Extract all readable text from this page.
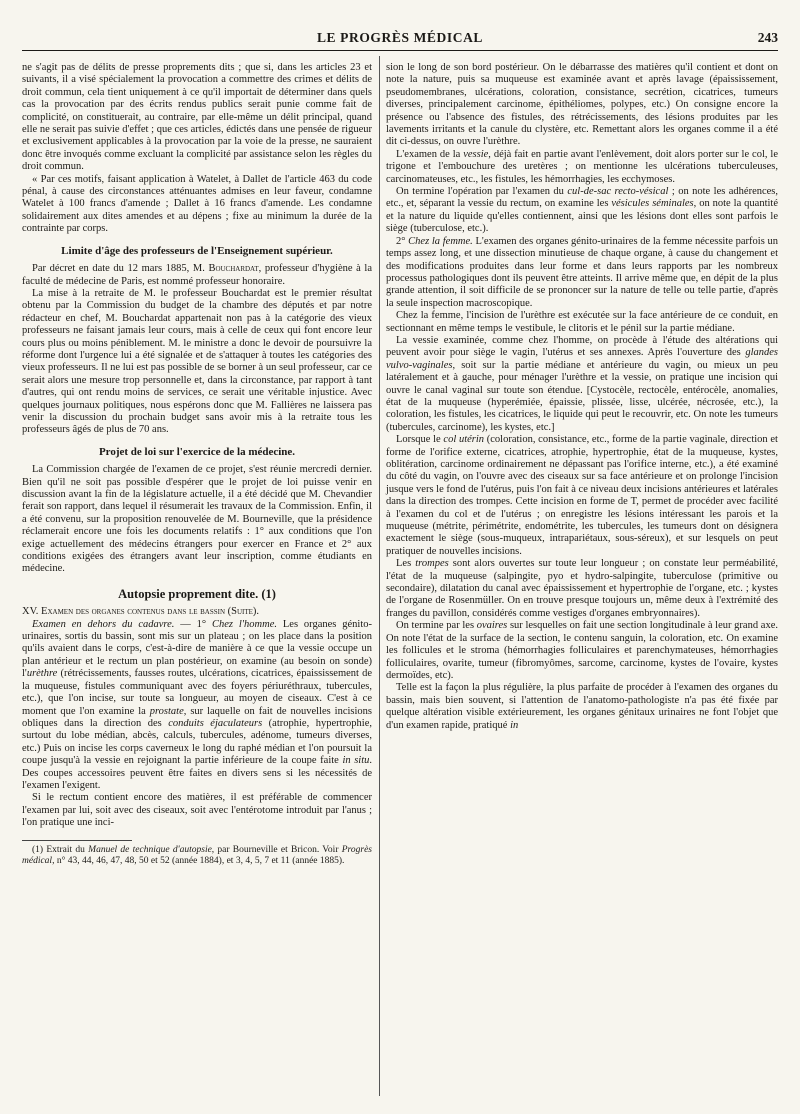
LE PROGRÈS MÉDICAL	243

ne s'agit pas de délits de presse proprements dits ; que si, dans les articles 23 et suivants, il a visé spécialement la provocation a commettre des crimes et délits de droit commun, cela tient uniquement à ce qu'il importait de déterminer dans quels cas la provocation par des écrits rendus publics serait punie comme fait de complicité, on constituerait, au contraire, par elle-même un délit principal, quand elle ne serait pas suivie d'effet ; que ces articles, édictés dans une pensée de rigueur et exclusivement applicables à la provocation par la voie de la presse, ne sauraient donc être invoqués comme excluant la complicité par assistance selon les règles du droit commun.

« Par ces motifs, faisant application à Watelet, à Dallet de l'article 463 du code pénal, à cause des circonstances atténuantes admises en leur faveur, condamne Watelet à 100 francs d'amende ; Dallet à 16 francs d'amende. Les condamne solidairement aux dites amendes et au dépens ; fixe au minimum la durée de la contrainte par corps.

Limite d'âge des professeurs de l'Enseignement supérieur.

Par décret en date du 12 mars 1885, M. Bouchardat, professeur d'hygiène à la faculté de médecine de Paris, est nommé professeur honoraire.

La mise à la retraite de M. le professeur Bouchardat est le premier résultat obtenu par la Commission du budget de la chambre des députés et par notre rédacteur en chef, M. Bouchardat appartenait non pas à la catégorie des vieux professeurs ne faisant jamais leur cours, mais à celle de ceux qui font encore leur cours plus ou moins péniblement. M. le ministre a donc le devoir de poursuivre la réforme dont l'urgence lui a été signalée et de s'attaquer à toutes les catégories des vieux professeurs. Il ne lui est pas possible de se borner à un seul professeur, car ce serait alors une mesure trop personnelle et, dans la circonstance, par rapport à tant d'autres, qui ont rendu moins de services, ce serait une véritable injustice. Avec quelques journaux politiques, nous espérons donc que M. Fallières ne laissera pas venir la discussion du prochain budget sans avoir mis à la retraite tous les professeurs âgés de plus de 70 ans.

Projet de loi sur l'exercice de la médecine.

La Commission chargée de l'examen de ce projet, s'est réunie mercredi dernier. Bien qu'il ne soit pas possible d'espérer que le projet de loi puisse venir en discussion avant la fin de la législature actuelle, il a été décidé que M. Chevandier ferait son rapport, dans lequel il résumerait les travaux de la Commission. Enfin, il a été convenu, sur la proposition renouvelée de M. Bourneville, que la présidence réclamerait encore une fois les documents relatifs : 1° aux conditions que l'on exige actuellement des médecins étrangers pour exercer en France et 2° aux conditions exigées des étrangers avant leur inscription, comme étudiants en médecine.

Autopsie proprement dite. (1)

XV. Examen des organes contenus dans le bassin (Suite).

Examen en dehors du cadavre. — 1° Chez l'homme. Les organes génito-urinaires, sortis du bassin, sont mis sur un plateau ; on les place dans la position qu'ils avaient dans le corps, c'est-à-dire de manière à ce que la vessie occupe un plan antérieur et le rectum un plan postérieur, on examine (au besoin on sonde) l'urèthre (rétrécissements, fausses routes, ulcérations, cicatrices, épaississement de la muqueuse, fistules communiquant avec des foyers périuréthraux, tubercules, etc.), que l'on incise, sur toute sa longueur, au moyen de ciseaux. C'est à ce moment que l'on examine la prostate, sur laquelle on fait de nouvelles incisions obliques dans la direction des conduits éjaculateurs (atrophie, hypertrophie, surtout du lobe médian, abcès, calculs, tubercules, adénome, tumeurs diverses, etc.) Puis on incise les corps caverneux le long du raphé médian et l'on poursuit la coupe jusqu'à la vessie en rejoignant la partie inférieure de la coupe faite in situ. Des coupes accessoires peuvent être faites en divers sens si les nécessités de l'examen l'exigent.

Si le rectum contient encore des matières, il est préférable de commencer l'examen par lui, soit avec des ciseaux, soit avec l'entérotome introduit par l'anus ; l'on pratique une inci-

(1) Extrait du Manuel de technique d'autopsie, par Bourneville et Bricon. Voir Progrès médical, n° 43, 44, 46, 47, 48, 50 et 52 (année 1884), et 3, 4, 5, 7 et 11 (année 1885).

sion le long de son bord postérieur. On le débarrasse des matières qu'il contient et dont on note la nature, puis sa muqueuse est examinée avant et après lavage (épaississement, pseudomembranes, ulcérations, coloration, consistance, secrétion, cicatrices, tumeurs diverses, principalement carcinome, épithéliomes, polypes, etc.) On consigne encore la présence ou l'absence des fistules, des rétrécissements, des lésions produites par les lavements irritants et la canule du clystère, etc. Remettant alors les organes comme il a été dit ci-dessus, on ouvre l'urèthre.

L'examen de la vessie, déjà fait en partie avant l'enlèvement, doit alors porter sur le col, le trigone et l'embouchure des uretères ; on mentionne les ulcérations tuberculeuses, carcinomateuses, etc., les fistules, les hémorrhagies, les ecchymoses.

On termine l'opération par l'examen du cul-de-sac recto-vésical ; on note les adhérences, etc., et, séparant la vessie du rectum, on examine les vésicules séminales, on note la quantité et la nature du liquide qu'elles contiennent, ainsi que les lésions dont elles sont parfois le siège (tuberculose, etc.).

2° Chez la femme. L'examen des organes génito-urinaires de la femme nécessite parfois un temps assez long, et une dissection minutieuse de chaque organe, à cause du changement et des modifications produites dans leur forme et dans leurs rapports par les nombreux processus pathologiques dont ils peuvent être atteints. Il arrive même que, en dépit de la plus grande attention, il soit difficile de se prononcer sur la nature de telle ou telle partie, d'après la seule inspection macroscopique.

Chez la femme, l'incision de l'urèthre est exécutée sur la face antérieure de ce conduit, en sectionnant en même temps le vestibule, le clitoris et le pénil sur la partie médiane.

La vessie examinée, comme chez l'homme, on procède à l'étude des altérations qui peuvent avoir pour siège le vagin, l'utérus et ses annexes. Après l'ouverture des glandes vulvo-vaginales, soit sur la partie médiane et antérieure du vagin, ou mieux un peu latéralement et à gauche, pour ménager l'urèthre et la vessie, on pratique une incision qui ouvre le canal vaginal sur toute son étendue. [Cystocèle, rectocèle, entérocèle, anomalies, état de la muqueuse (hyperémiée, épaissie, plissée, lisse, ulcérée, nécrosée, etc.), la coloration, les fistules, les cicatrices, le liquide qui peut le recouvrir, etc. On note les tumeurs (tubercules, carcinome), les kystes, etc.]

Lorsque le col utérin (coloration, consistance, etc., forme de la partie vaginale, direction et forme de l'orifice externe, cicatrices, atrophie, hypertrophie, état de la muqueuse, kystes, oblitération, carcinome ordinairement ne dépassant pas l'orifice interne, etc.), a été examiné du côté du vagin, on l'ouvre avec des ciseaux sur sa face antérieure et on prolonge l'incision jusque vers le fond de l'utérus, puis l'on fait à ce niveau deux incisions antérieures et latérales dans la direction des trompes. Cette incision en forme de T, permet de procéder avec facilité à l'examen du col et de l'utérus ; on enregistre les lésions intéressant les parois et la muqueuse (métrite, périmétrite, endométrite, les tubercules, les tumeurs dont on désignera exactement le siège (sous-muqueux, intrapariétaux, sous-séreux), et sur lesquels on peut pratiquer de nouvelles incisions.

Les trompes sont alors ouvertes sur toute leur longueur ; on constate leur perméabilité, l'état de la muqueuse (salpingite, pyo et hydro-salpingite, tuberculose (primitive ou secondaire), dilatation du canal avec épaississement et hypertrophie de l'organe, etc. ; kystes de l'organe de Rosenmüller. On en trouve presque toujours un, même deux à l'extrémité des franges du pavillon, considérés comme vestiges d'organes embryonnaires).

On termine par les ovaires sur lesquelles on fait une section longitudinale à leur grand axe. On note l'état de la surface de la section, le contenu sanguin, la coloration, etc. On examine les follicules et le stroma (hémorrhagies folliculaires et parenchymateuses, hémorrhagies folliculaires, ovarite, tumeur (fibromyômes, sarcome, carcinome, kystes de l'ovaire, kystes dermoïdes, etc).

Telle est la façon la plus régulière, la plus parfaite de procéder à l'examen des organes du bassin, mais bien souvent, si l'attention de l'anatomo-pathologiste n'a pas été fixée par quelque altération visible extérieurement, les organes génitaux urinaires ne font l'objet que d'un examen rapide, pratiqué in
